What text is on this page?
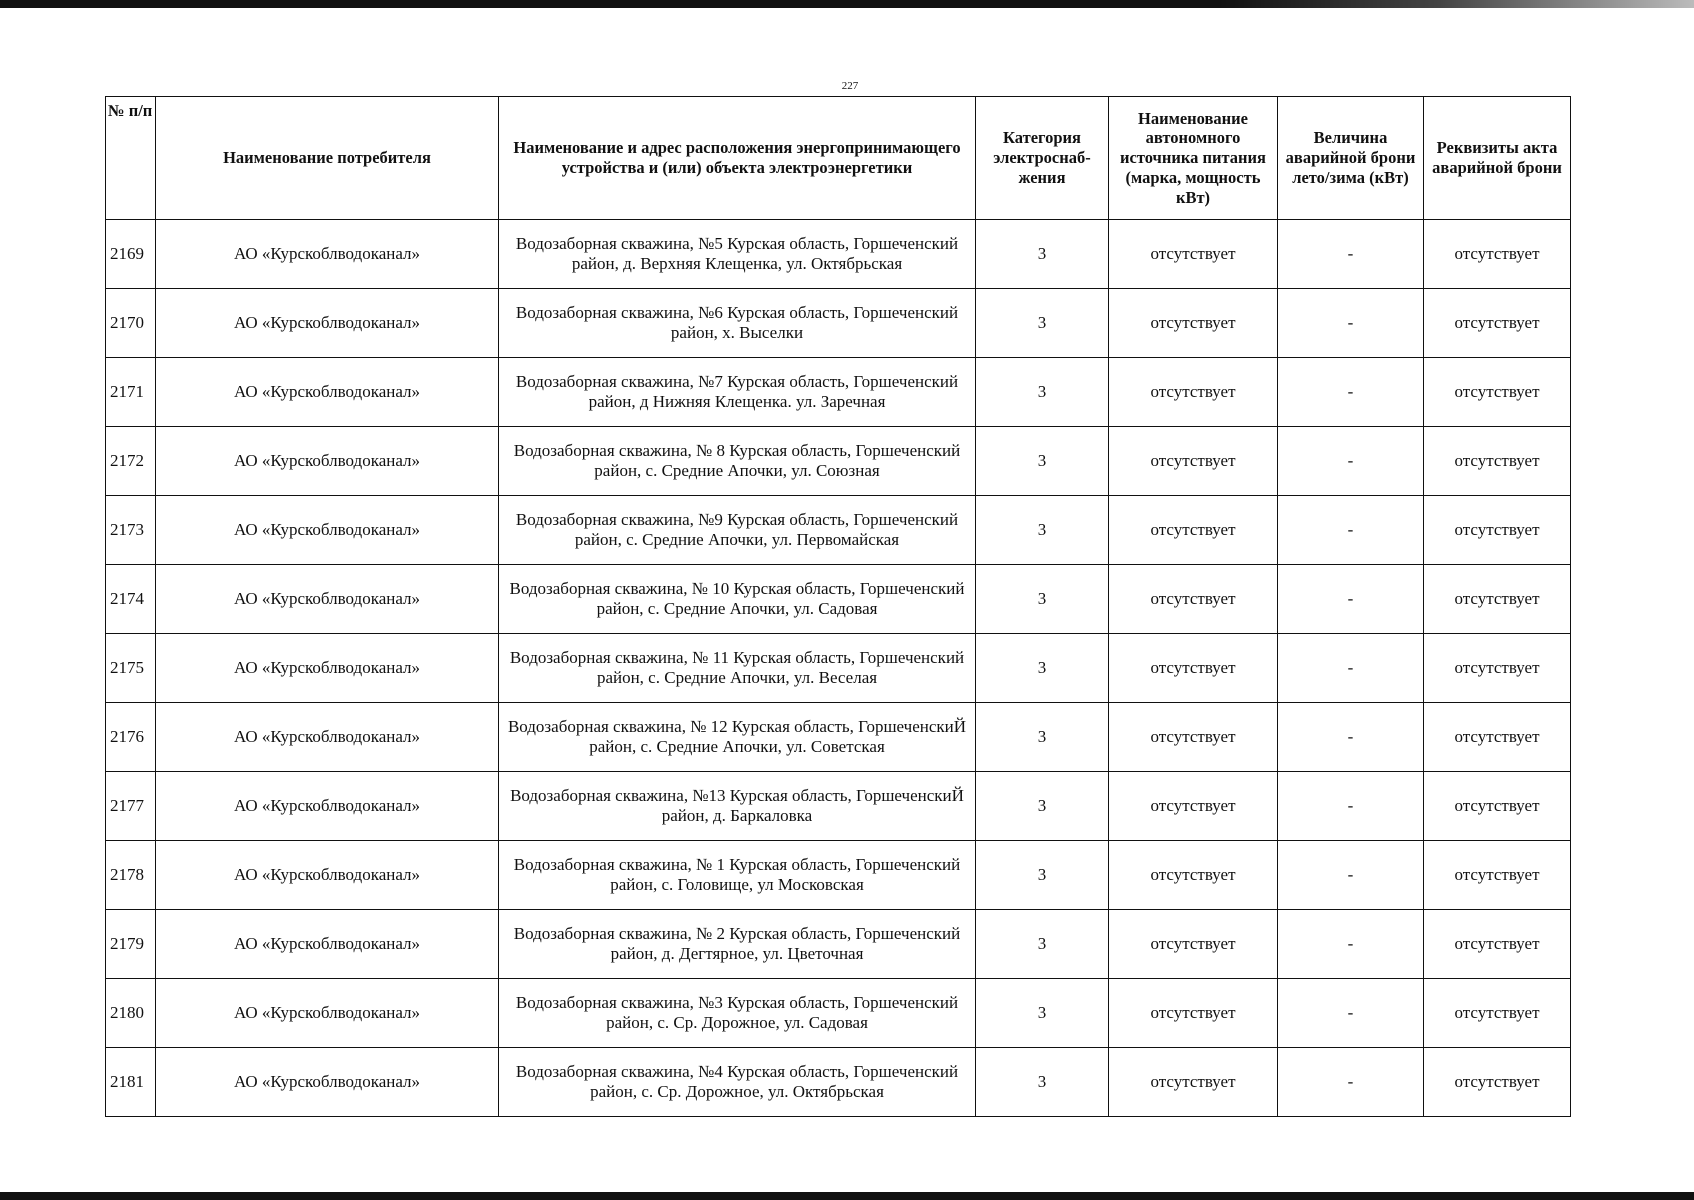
227
№ п/п	Наименование потребителя	Наименование и адрес расположения энергопринимающего устройства и (или) объекта электроэнергетики	Категория электроснаб-жения	Наименование автономного источника питания (марка, мощность кВт)	Величина аварийной брони лето/зима (кВт)	Реквизиты акта аварийной брони
2169	АО «Курскоблводоканал»	Водозаборная скважина, №5 Курская область, Горшеченский район, д. Верхняя Клещенка, ул. Октябрьская	3	отсутствует	-	отсутствует
2170	АО «Курскоблводоканал»	Водозаборная скважина, №6 Курская область, Горшеченский район, х. Выселки	3	отсутствует	-	отсутствует
2171	АО «Курскоблводоканал»	Водозаборная скважина, №7 Курская область, Горшеченский район, д Нижняя Клещенка. ул. Заречная	3	отсутствует	-	отсутствует
2172	АО «Курскоблводоканал»	Водозаборная скважина, № 8 Курская область, Горшеченский район, с. Средние Апочки, ул. Союзная	3	отсутствует	-	отсутствует
2173	АО «Курскоблводоканал»	Водозаборная скважина, №9 Курская область, Горшеченский район, с. Средние Апочки, ул. Первомайская	3	отсутствует	-	отсутствует
2174	АО «Курскоблводоканал»	Водозаборная скважина, № 10 Курская область, Горшеченский район, с. Средние Апочки, ул. Садовая	3	отсутствует	-	отсутствует
2175	АО «Курскоблводоканал»	Водозаборная скважина, № 11 Курская область, Горшеченский район, с. Средние Апочки, ул. Веселая	3	отсутствует	-	отсутствует
2176	АО «Курскоблводоканал»	Водозаборная скважина, № 12 Курская область, ГоршеченскиЙ район, с. Средние Апочки, ул. Советская	3	отсутствует	-	отсутствует
2177	АО «Курскоблводоканал»	Водозаборная скважина, №13 Курская область, ГоршеченскиЙ район, д. Баркаловка	3	отсутствует	-	отсутствует
2178	АО «Курскоблводоканал»	Водозаборная скважина, № 1 Курская область, Горшеченский район, с. Головище, ул Московская	3	отсутствует	-	отсутствует
2179	АО «Курскоблводоканал»	Водозаборная скважина, № 2 Курская область, Горшеченский район, д. Дегтярное, ул. Цветочная	3	отсутствует	-	отсутствует
2180	АО «Курскоблводоканал»	Водозаборная скважина, №3 Курская область, Горшеченский район, с. Ср. Дорожное, ул. Садовая	3	отсутствует	-	отсутствует
2181	АО «Курскоблводоканал»	Водозаборная скважина, №4 Курская область, Горшеченский район, с. Ср. Дорожное, ул. Октябрьская	3	отсутствует	-	отсутствует
